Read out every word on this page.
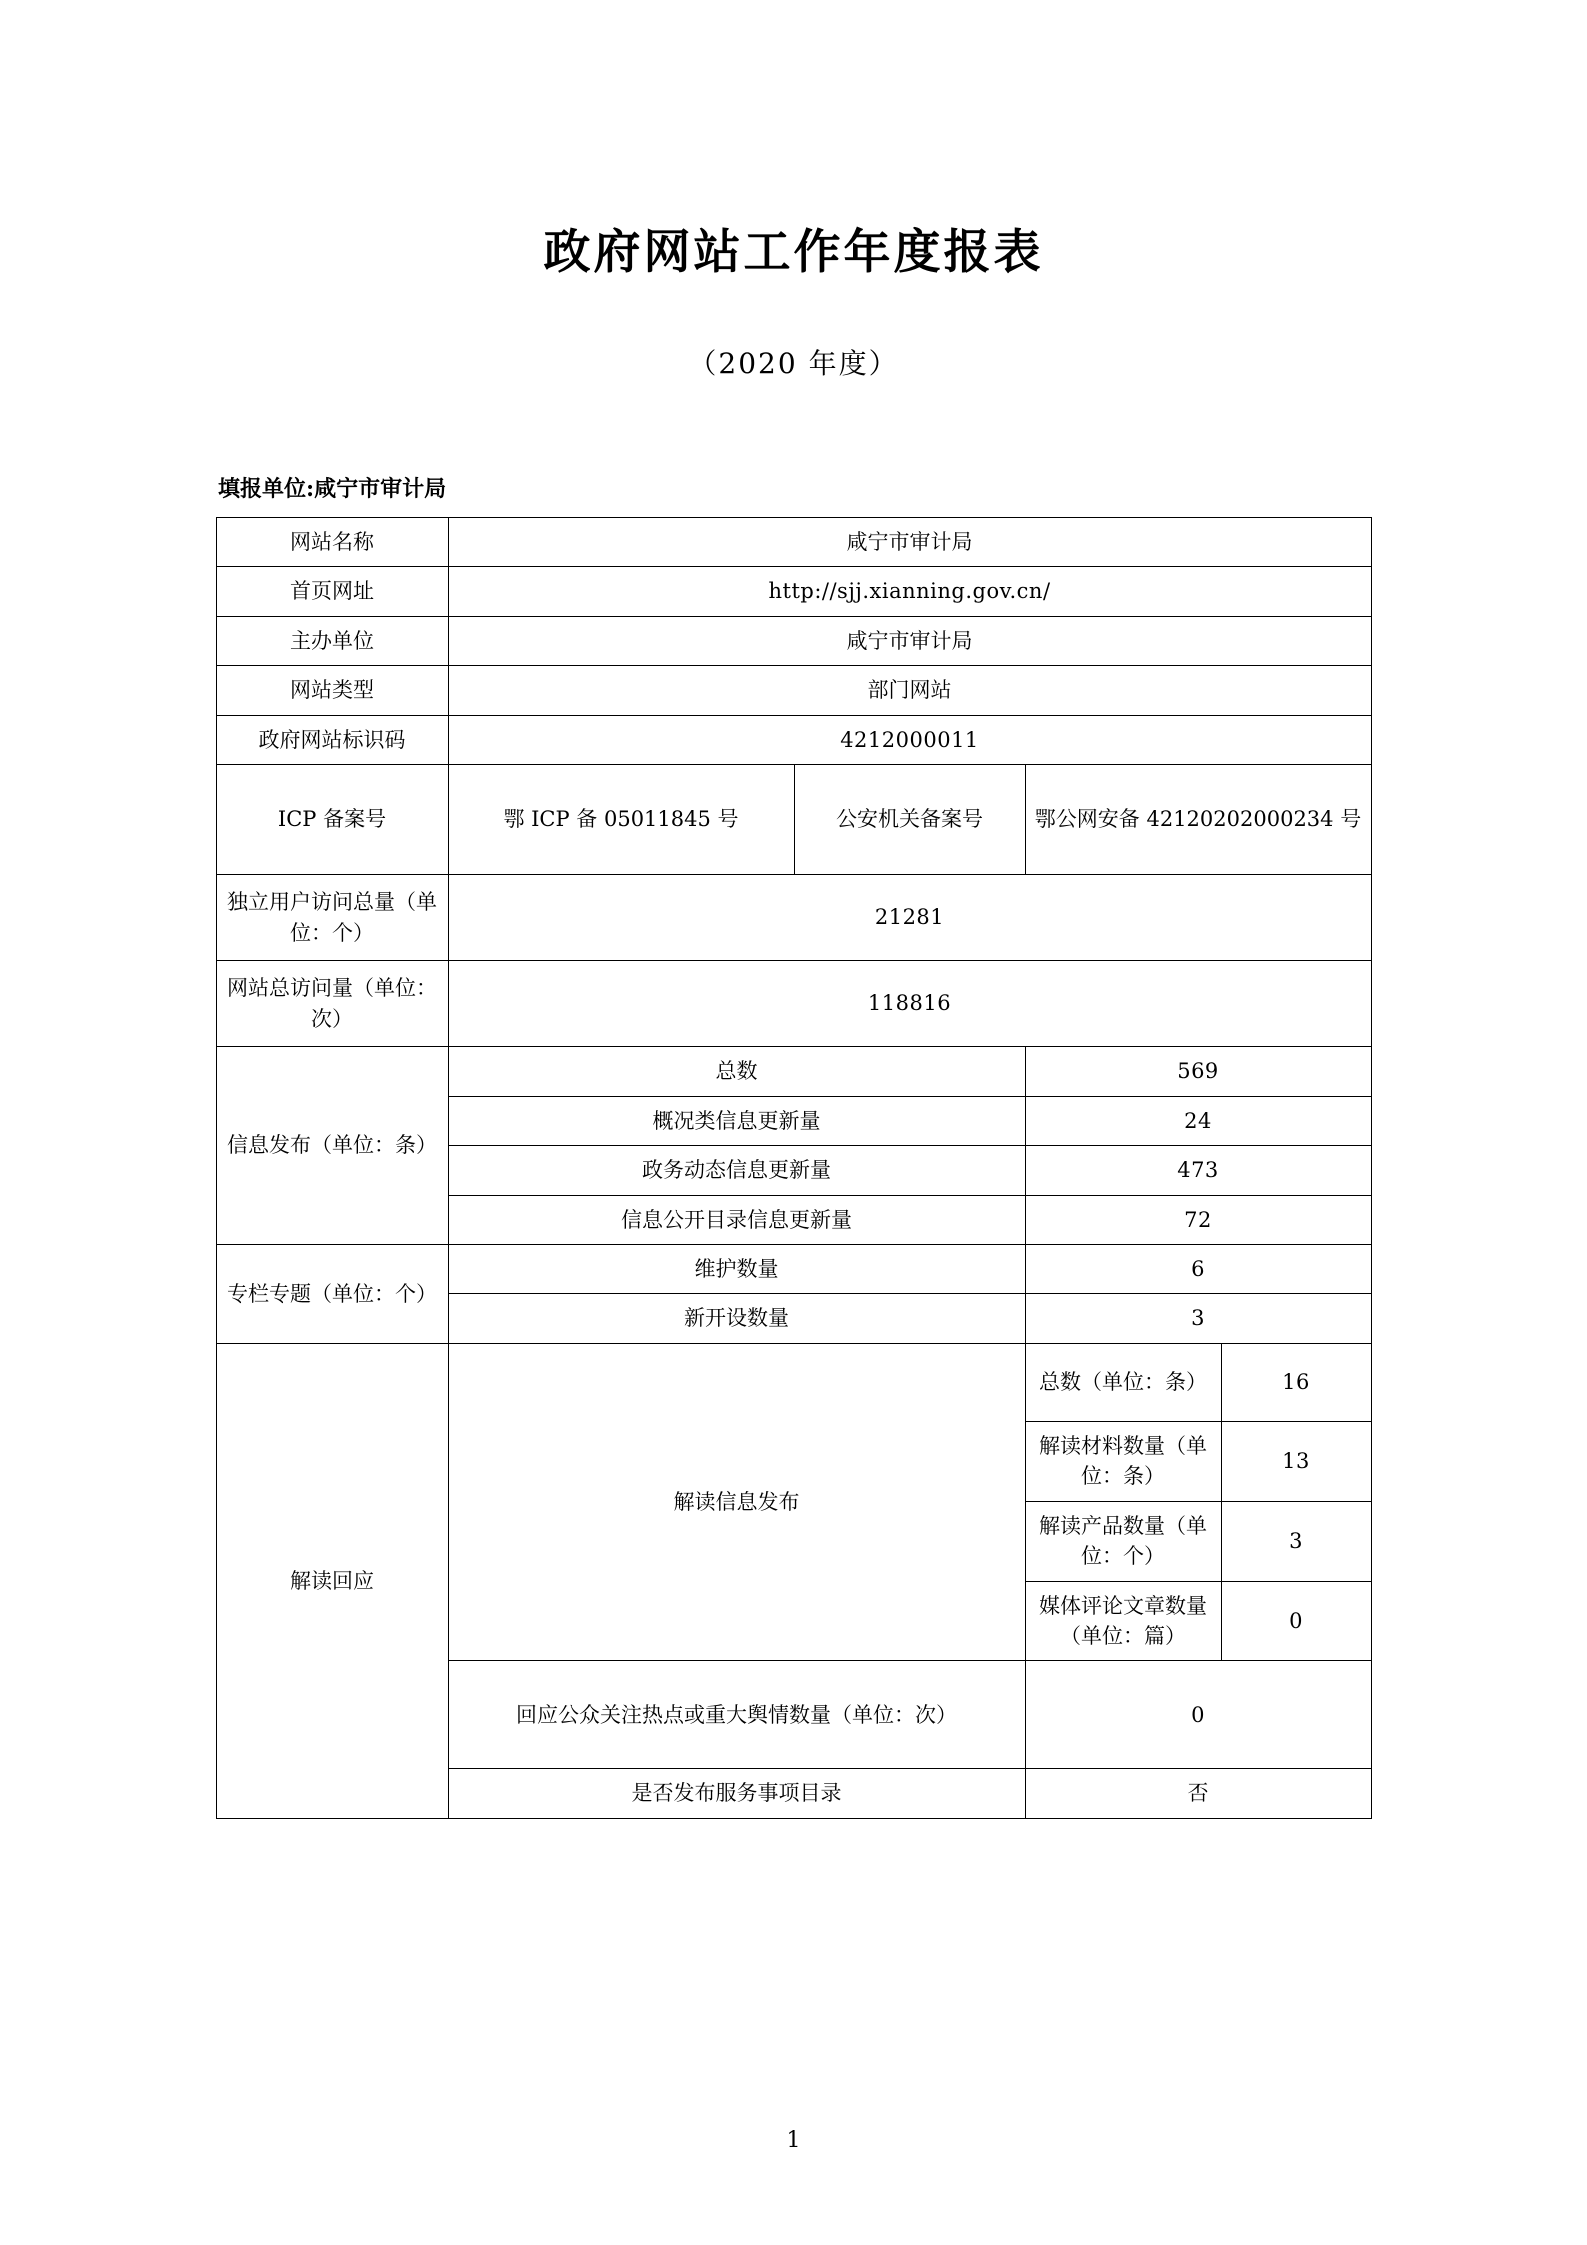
政府网站工作年度报表
（2020 年度）
填报单位:咸宁市审计局
网站名称	咸宁市审计局			
首页网址	http://sjj.xianning.gov.cn/			
主办单位	咸宁市审计局			
网站类型	部门网站			
政府网站标识码	4212000011			
ICP 备案号	鄂 ICP 备 05011845 号	公安机关备案号	鄂公网安备 42120202000234 号	
独立用户访问总量（单位：个）	21281			
网站总访问量（单位：次）	118816			
信息发布（单位：条）	总数		569	
	概况类信息更新量		24	
	政务动态信息更新量		473	
	信息公开目录信息更新量		72	
专栏专题（单位：个）	维护数量		6	
	新开设数量		3	
解读回应	解读信息发布		总数（单位：条）	16
			解读材料数量（单位：条）	13
			解读产品数量（单位：个）	3
			媒体评论文章数量（单位：篇）	0
	回应公众关注热点或重大舆情数量（单位：次）		0	
	是否发布服务事项目录		否	
1
